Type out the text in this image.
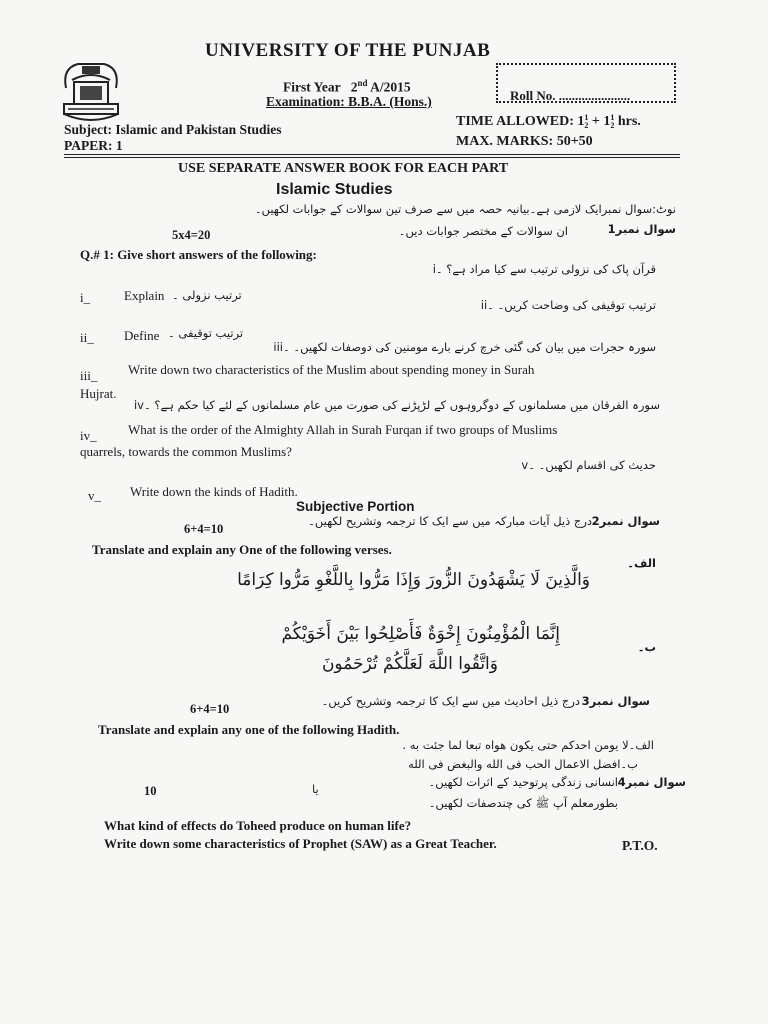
UNIVERSITY OF THE PUNJAB
First Year 2nd A/2015
Examination: B.B.A. (Hons.)	Roll No. ......................
Subject: Islamic and Pakistan Studies
PAPER: 1
TIME ALLOWED: 11
2 + 11
2 hrs.
MAX. MARKS: 50+50
USE SEPARATE ANSWER BOOK FOR EACH PART
Islamic Studies
نوٹ:سوال نمبرایک لازمی ہے۔بیانیہ حصہ میں سے صرف تین سوالات کے جوابات لکھیں۔
سوال نمبر1
ان سوالات کے مختصر جوابات دیں۔
5x4=20
Q.# 1: Give short answers of the following:
قرآن پاک کی نزولی ترتیب سے کیا مراد ہے؟ ۔i
i_	Explain ترتیب نزولی ۔
ترتیب توقیفی کی وضاحت کریں۔ ۔ii
ii_ Define ترتیب توقیفی ۔
سورہ حجرات میں بیان کی گئی خرچ کرنے بارے مومنین کی دوصفات لکھیں۔ ۔iii
iii_ Write down two characteristics of the Muslim about spending money in Surah
Hujrat.
سورہ الفرقان میں مسلمانوں کے دوگروہوں کے لڑپڑنے کی صورت میں عام مسلمانوں کے لئے کیا حکم ہے؟ ۔iv
iv_ What is the order of the Almighty Allah in Surah Furqan if two groups of Muslims
quarrels, towards the common Muslims?
حدیث کی اقسام لکھیں۔ ۔v
v_ Write down the kinds of Hadith.
Subjective Portion
سوال نمبر2
درج ذیل آیات مبارکہ میں سے ایک کا ترجمہ وتشریح لکھیں۔
6+4=10
Translate and explain any One of the following verses.
الف۔
وَالَّذِينَ لَا يَشْهَدُونَ الزُّورَ وَإِذَا مَرُّوا بِاللَّغْوِ مَرُّوا كِرَامًا
ب۔
إِنَّمَا الْمُؤْمِنُونَ إِخْوَةٌ فَأَصْلِحُوا بَيْنَ أَخَوَيْكُمْ
وَاتَّقُوا اللَّهَ لَعَلَّكُمْ تُرْحَمُونَ
سوال نمبر3
درج ذیل احادیث میں سے ایک کا ترجمہ وتشریح کریں۔
6+4=10
Translate and explain any one of the following Hadith.
الف۔لا یومن احدکم حتی یکون هواه تبعا لما جئت به .
ب۔افضل الاعمال الحب فی الله والبغض فی الله
سوال نمبر4
انسانی زندگی پرتوحید کے اثرات لکھیں۔
یا
بطورمعلم آپ ﷺ کی چندصفات لکھیں۔
10
What kind of effects do Toheed produce on human life?
Write down some characteristics of Prophet (SAW) as a Great Teacher.	P.T.O.
